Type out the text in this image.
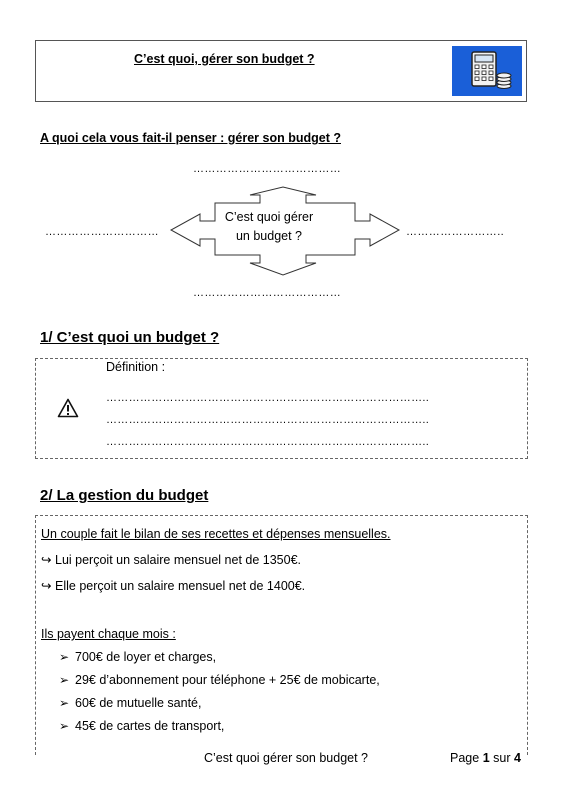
C’est quoi, gérer son budget ?
A quoi cela vous fait-il penser : gérer son budget ?
…………………………………
…………………………	……………………..
…………………………………
C’est quoi gérer
un budget ?
1/ C’est quoi un budget ?
Définition :
…………………………………………………………………………..
…………………………………………………………………………..
…………………………………………………………………………..
2/ La gestion du budget
Un couple fait le bilan de ses recettes et dépenses mensuelles.
↪ Lui perçoit un salaire mensuel net de 1350€.
↪ Elle perçoit un salaire mensuel net de 1400€.
Ils payent chaque mois :
➢ 700€ de loyer et charges,
➢ 29€ d’abonnement pour téléphone + 25€ de mobicarte,
➢ 60€ de mutuelle santé,
➢ 45€ de cartes de transport,
C’est quoi gérer son budget ?	Page 1 sur 4
